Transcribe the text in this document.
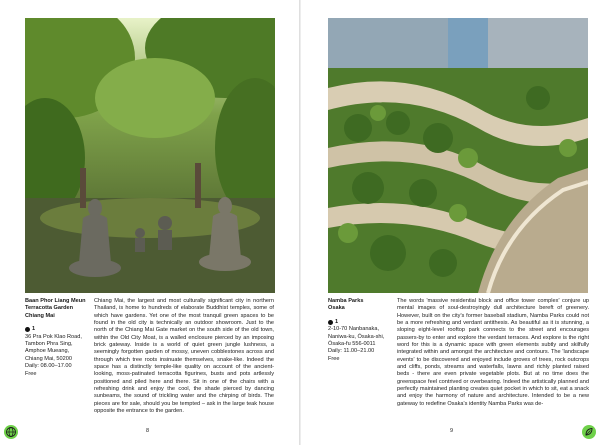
Baan Phor Liang Meun Terracotta Garden
Chiang Mai
1
36 Pra Pok Klao Road,
Tambon Phra Sing,
Amphoe Mueang,
Chiang Mai, 50200
Daily: 08.00–17.00
Free
Chiang Mai, the largest and most culturally significant city in northern Thailand, is home to hundreds of elaborate Buddhist temples, some of which have gardens. Yet one of the most tranquil green spaces to be found in the old city is technically an outdoor showroom. Just to the north of the Chiang Mai Gate market on the south side of the old town, within the Old City Moat, is a walled enclosure pierced by an imposing brick gateway. Inside is a world of quiet green jungle lushness, a seemingly forgotten garden of mossy, uneven cobblestones across and through which tree roots insinuate themselves, snake-like. Indeed the space has a distinctly temple-like quality on account of the ancient-looking, moss-patinated terracotta figurines, busts and pots artlessly positioned and piled here and there. Sit in one of the chairs with a refreshing drink and enjoy the cool, the shade pierced by dancing sunbeams, the sound of trickling water and the chirping of birds. The pieces are for sale, should you be tempted – ask in the large teak house opposite the entrance to the garden.
8
Namba Parks
Osaka
1
2-10-70 Nanbanaka,
Naniwa-ku, Ōsaka-shi,
Ōsaka-fu 556-0011
Daily: 11.00–21.00
Free
The words 'massive residential block and office tower complex' conjure up mental images of soul-destroyingly dull architecture bereft of greenery. However, built on the city's former baseball stadium, Namba Parks could not be a more refreshing and verdant antithesis. As beautiful as it is stunning, a sloping eight-level rooftop park connects to the street and encourages passers-by to enter and explore the verdant terraces. And explore is the right word for this is a dynamic space with green elements subtly and skilfully integrated within and amongst the architecture and contours. The 'landscape events' to be discovered and enjoyed include groves of trees, rock outcrops and cliffs, ponds, streams and waterfalls, lawns and richly planted raised beds - there are even private vegetable plots. But at no time does the greenspace feel contrived or overbearing. Indeed the artistically planned and perfectly maintained planting creates quiet pocket in which to sit, eat a snack and enjoy the harmony of nature and architecture. Intended to be a new gateway to redefine Osaka's identity Namba Parks was de-
9
